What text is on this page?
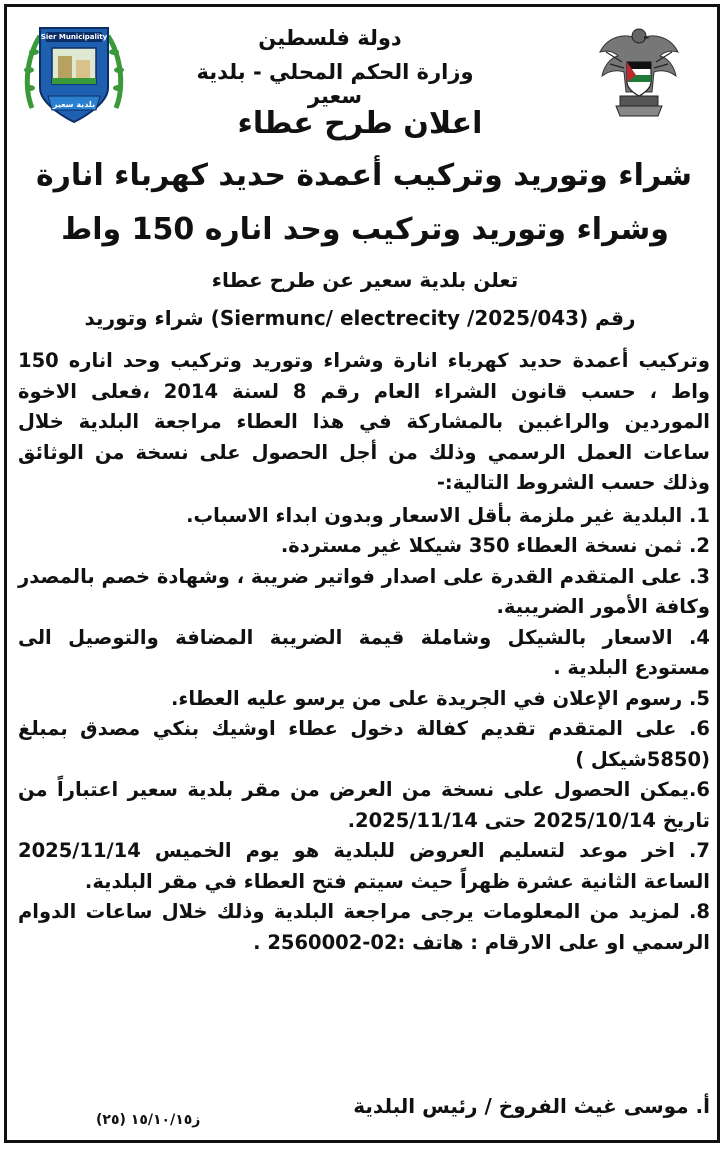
Sier Municipality
بلدية سعير
دولة فلسطين
وزارة الحكم المحلي - بلدية سعير
اعلان طرح عطاء
شراء وتوريد وتركيب أعمدة حديد كهرباء انارة
وشراء وتوريد وتركيب وحد اناره 150 واط
تعلن بلدية سعير عن طرح عطاء
رقم (043/Siermunc/ electrecity /2025) شراء وتوريد

وتركيب أعمدة حديد كهرباء انارة وشراء وتوريد وتركيب وحد اناره 150 واط ، حسب قانون الشراء العام رقم 8 لسنة 2014 ،فعلى الاخوة الموردين والراغبين بالمشاركة في هذا العطاء مراجعة البلدية خلال ساعات العمل الرسمي وذلك من أجل الحصول على نسخة من الوثائق وذلك حسب الشروط التالية:-

1. البلدية غير ملزمة بأقل الاسعار وبدون ابداء الاسباب.
2. ثمن نسخة العطاء 350 شيكلا غير مستردة.
3. على المتقدم القدرة على اصدار فواتير ضريبة ، وشهادة خصم بالمصدر وكافة الأمور الضريبية.
4. الاسعار بالشيكل وشاملة قيمة الضريبة المضافة والتوصيل الى مستودع البلدية .
5. رسوم الإعلان في الجريدة على من يرسو عليه العطاء.
6. على المتقدم تقديم كفالة دخول عطاء اوشيك بنكي مصدق بمبلغ (5850شيكل )
6.يمكن الحصول على نسخة من العرض من مقر بلدية سعير اعتباراً من تاريخ 2025/10/14 حتى 2025/11/14.
7. اخر موعد لتسليم العروض للبلدية هو يوم الخميس 2025/11/14 الساعة الثانية عشرة ظهراً حيث سيتم فتح العطاء في مقر البلدية.
8. لمزيد من المعلومات يرجى مراجعة البلدية وذلك خلال ساعات الدوام الرسمي او على الارقام : هاتف :02-2560002 .
أ. موسى غيث الفروخ / رئيس البلدية
ز١٥/١٠/١٥ (٢٥)
